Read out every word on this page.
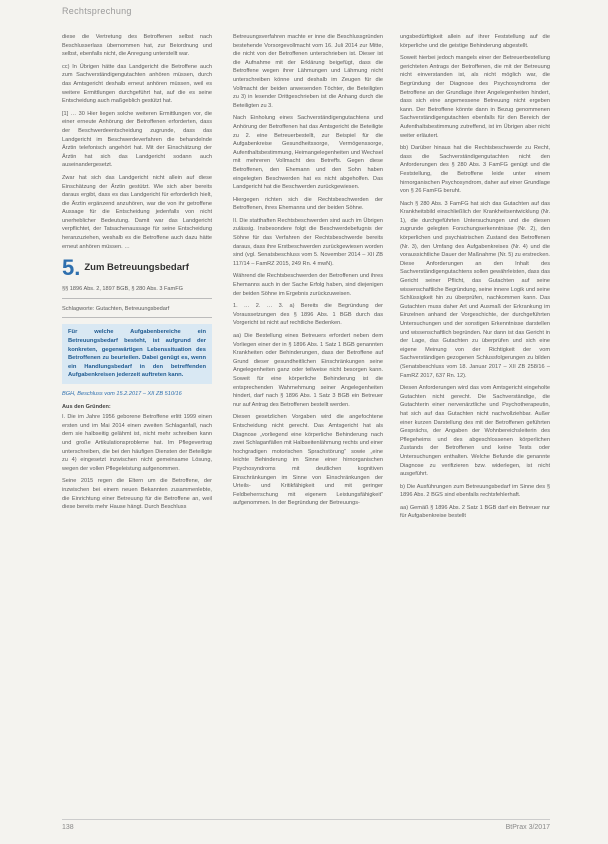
Rechtsprechung

diese die Vertretung des Betroffenen selbst nach Beschlusserlass übernommen hat, zur Beiordnung und selbst, ebenfalls nicht, die Anregung unterstellt war.

cc) In Übrigen hätte das Landgericht die Betroffene auch zum Sachverständigengutachten anhören müssen, durch das Amtsgericht deshalb erneut anhören müssen, weil es weitere Ermittlungen durchgeführt hat, auf die es seine Entscheidung auch maßgeblich gestützt hat.

[1] … 30 Hier liegen solche weiteren Ermittlungen vor, die einer erneute Anhörung der Betroffenen erforderten, dass der Beschwerdeentscheidung zugrunde, dass das Landgericht im Beschwerdeverfahren die behandelnde Ärztin telefonisch angehört hat. Mit der Einschätzung der Ärztin hat sich das Landgericht sodann auch auseinandergesetzt.

Zwar hat sich das Landgericht nicht allein auf diese Einschätzung der Ärztin gestützt. Wie sich aber bereits daraus ergibt, dass es das Landgericht für erforderlich hielt, die Ärztin ergänzend anzuhören, war die von ihr getroffene Aussage für die Entscheidung jedenfalls von nicht unerheblicher Bedeutung. Damit war das Landgericht verpflichtet, der Tatsachenaussage für seine Entscheidung heranzuziehen, weshalb es die Betroffene auch dazu hätte erneut anhören müssen. …

5. Zum Betreuungsbedarf
§§ 1896 Abs. 2, 1897 BGB, § 280 Abs. 3 FamFG
Schlagworte: Gutachten, Betreuungsbedarf
Für welche Aufgabenbereiche ein Betreuungsbedarf besteht, ist aufgrund der konkreten, gegenwärtigen Lebenssituation des Betroffenen zu beurteilen. Dabei genügt es, wenn ein Handlungsbedarf in den betreffenden Aufgabenkreisen jederzeit auftreten kann.
BGH, Beschluss vom 15.2.2017 – XII ZB 510/16
Aus den Gründen:

I. Die im Jahre 1956 geborene Betroffene erlitt 1999 einen ersten und im Mai 2014 einen zweiten Schlaganfall, nach dem sie halbseitig gelähmt ist, nicht mehr schreiben kann und große Artikulationsprobleme hat. Im Pflegevertrag unterschreiben, die bei den häufigen Diensten der Beteiligte zu 4) eingesetzt inzwischen nicht gemeinsame Lösung, wegen der vollen Pflegeleistung aufgenommen.

Seine 2015 regen die Eltern um die Betroffene, der inzwischen bei einem neuen Bekannten zusammenlebte, die Einrichtung einer Betreuung für die Betroffene an, weil diese bereits mehr Hause hängt. Durch Beschluss

Betreuungsverfahren machte er inne die Beschlussgründen bestehende Vorsorgevollmacht vom 16. Juli 2014 zur Mitte, die nicht von der Betroffenen unterschrieben ist. Dieser ist die Aufnahme mit der Erklärung beigefügt, dass die Betroffene wegen ihrer Lähmungen und Lähmung nicht unterschreiben könne und deshalb im Zeugen für die Vollmacht der beiden anwesenden Töchter, die Beteiligten zu 3) in lesender Drittgeschrieben ist die Anhang durch die Beteiligten zu 3.

Nach Einholung eines Sachverständigengutachtens und Anhörung der Betroffenen hat das Amtsgericht die Beteiligte zu 2. eine Betreuerbestellt, zur Beispiel für die Aufgabenkreise Gesundheitssorge, Vermögenssorge, Aufenthaltsbestimmung, Heimangelegenheiten und Wechsel mit mehreren Vollmacht des Betreffs. Gegen diese Betroffenen, den Ehemann und den Sohn haben eingelegten Beschwerden hat es nicht abgeholfen. Das Landgericht hat die Beschwerden zurückgewiesen.

Hiergegen richten sich die Rechtsbeschwerden der Betroffenen, ihres Ehemanns und der beiden Söhne.

II. Die statthaften Rechtsbeschwerden sind auch im Übrigen zulässig. Insbesondere folgt die Beschwerdebefugnis der Söhne für das Verfahren der Rechtsbeschwerde bereits daraus, dass ihre Erstbeschwerden zurückgewiesen worden sind (vgl. Senatsbeschluss vom 5. November 2014 – XII ZB 117/14 – FamRZ 2015, 249 Rn. 4 mwN).

Während die Rechtsbeschwerden der Betroffenen und ihres Ehemanns auch in der Sache Erfolg haben, sind diejenigen der beiden Söhne im Ergebnis zurückzuweisen.

1. … 2. … 3. a) Bereits die Begründung der Voraussetzungen des § 1896 Abs. 1 BGB durch das Vorgericht ist nicht auf rechtliche Bedenken.

aa) Die Bestellung eines Betreuers erfordert neben dem Vorliegen einer der in § 1896 Abs. 1 Satz 1 BGB genannten Krankheiten oder Behinderungen, dass der Betroffene auf Grund dieser gesundheitlichen Einschränkungen seine Angelegenheiten ganz oder teilweise nicht besorgen kann. Soweit für eine körperliche Behinderung ist die entsprechenden Wahrnehmung seiner Angelegenheiten hindert, darf nach § 1896 Abs. 1 Satz 3 BGB ein Betreuer nur auf Antrag des Betroffenen bestellt werden.

Diesen gesetzlichen Vorgaben wird die angefochtene Entscheidung nicht gerecht. Das Amtsgericht hat als Diagnose „vorliegend eine körperliche Behinderung nach zwei Schlaganfällen mit Halbseitenlähmung rechts und einer hochgradigen motorischen Sprachstörung“ sowie „eine leichte Behinderung im Sinne einer hirnorganischen Psychosyndroms mit deutlichen kognitiven Einschränkungen im Sinne von Einschränkungen der Urteils- und Kritikfähigkeit und mit geringer Feldbeherrschung mit eigenem Leistungsfähigkeit“ aufgenommen. In der Begründung der Betreuungs-

ungsbedürftigkeit allein auf ihrer Feststellung auf die körperliche und die geistige Behinderung abgestellt.

Soweit hierbei jedoch mangels einer der Betreuerbestellung gerichteten Antrags der Betroffenen, die mit der Betreuung nicht einverstanden ist, als nicht möglich war, die Begründung der Diagnose des Psychosyndroms der Betroffene an der Grundlage ihrer Angelegenheiten hindert, dass sich eine angemessene Betreuung nicht ergeben kann. Der Betroffene könnte dann in Bezug genommenen Sachverständigengutachten ebenfalls für den Bereich der Aufenthaltsbestimmung zutreffend, ist im Übrigen aber nicht weiter erläutert.

bb) Darüber hinaus hat die Rechtsbeschwerde zu Recht, dass die Sachverständigengutachten nicht den Anforderungen des § 280 Abs. 3 FamFG genügt und die Feststellung, die Betroffene leide unter einem hirnorganischen Psychosyndrom, daher auf einer Grundlage von § 26 FamFG beruht.

Nach § 280 Abs. 3 FamFG hat sich das Gutachten auf das Krankheitsbild einschließlich der Krankheitsentwicklung (Nr. 1), die durchgeführten Untersuchungen und die diesen zugrunde gelegten Forschungserkenntnisse (Nr. 2), den körperlichen und psychiatrischen Zustand des Betroffenen (Nr. 3), den Umfang des Aufgabenkreises (Nr. 4) und die voraussichtliche Dauer der Maßnahme (Nr. 5) zu erstrecken. Diese Anforderungen an den Inhalt des Sachverständigengutachtens sollen gewährleisten, dass das Gericht seiner Pflicht, das Gutachten auf seine wissenschaftliche Begründung, seine innere Logik und seine Schlüssigkeit hin zu überprüfen, nachkommen kann. Das Gutachten muss daher Art und Ausmaß der Erkrankung im Einzelnen anhand der Vorgeschichte, der durchgeführten Untersuchungen und der sonstigen Erkenntnisse darstellen und wissenschaftlich begründen. Nur dann ist das Gericht in der Lage, das Gutachten zu überprüfen und sich eine eigene Meinung von der Richtigkeit der vom Sachverständigen gezogenen Schlussfolgerungen zu bilden (Senatsbeschluss vom 18. Januar 2017 – XII ZB 258/16 – FamRZ 2017, 637 Rn. 12).

Diesen Anforderungen wird das vom Amtsgericht eingeholte Gutachten nicht gerecht. Die Sachverständige, die Gutachterin einer nervenärztliche und Psychotherapeutin, hat sich auf das Gutachten nicht nachvollziehbar. Außer einer kurzen Darstellung des mit der Betroffenen geführten Gesprächs, der Angaben der Wohnbereichsleiterin des Pflegeheims und des abgeschlossenen körperlichen Zustands der Betroffenen und keine Tests oder Untersuchungen enthalten. Welche Befunde die genannte Diagnose zu verifizieren bzw. widerlegen, ist nicht ausgeführt.

b) Die Ausführungen zum Betreuungsbedarf im Sinne des § 1896 Abs. 2 BGS sind ebenfalls rechtsfehlerhaft.

aa) Gemäß § 1896 Abs. 2 Satz 1 BGB darf ein Betreuer nur für Aufgabenkreise bestellt

138	BtPrax 3/2017
